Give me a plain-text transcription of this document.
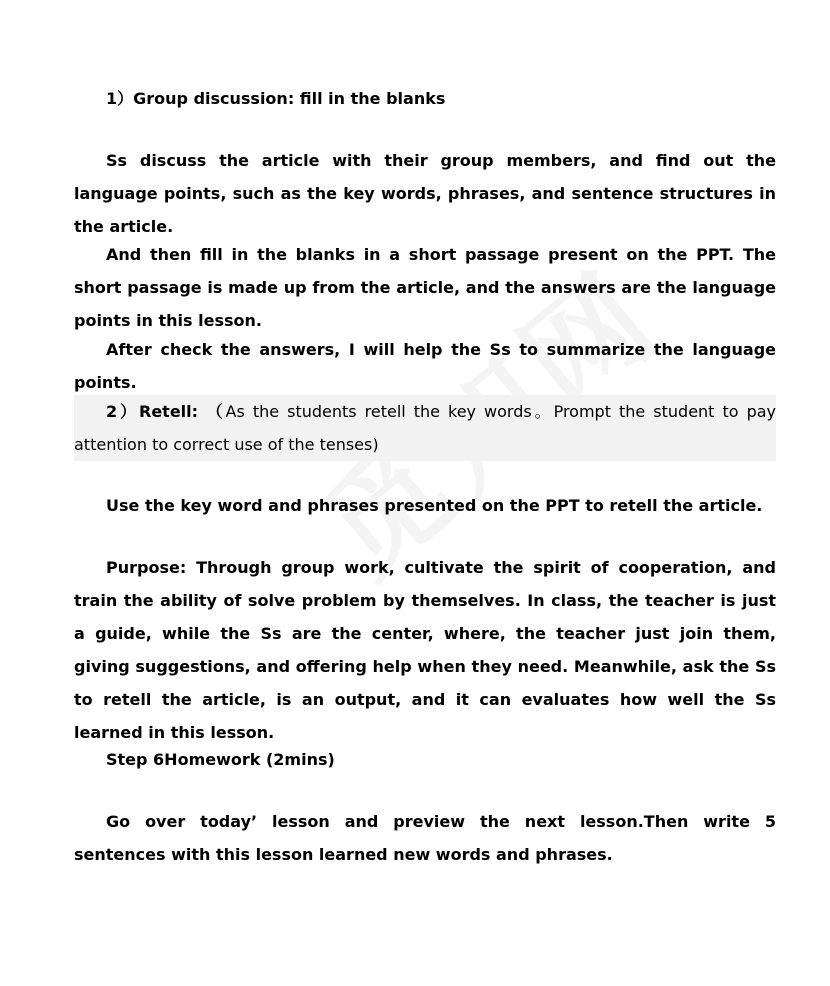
1）Group discussion: fill in the blanks

Ss discuss the article with their group members, and find out the language points, such as the key words, phrases, and sentence structures in the article.

And then fill in the blanks in a short passage present on the PPT. The short passage is made up from the article, and the answers are the language points in this lesson.

After check the answers, I will help the Ss to summarize the language points.

2）Retell: （As the students retell the key words。Prompt the student to pay attention to correct use of the tenses)

Use the key word and phrases presented on the PPT to retell the article.

Purpose: Through group work, cultivate the spirit of cooperation, and train the ability of solve problem by themselves. In class, the teacher is just a guide, while the Ss are the center, where, the teacher just join them, giving suggestions, and offering help when they need. Meanwhile, ask the Ss to retell the article, is an output, and it can evaluates how well the Ss learned in this lesson.

Step 6Homework (2mins)

Go over today’ lesson and preview the next lesson.Then write 5 sentences with this lesson learned new words and phrases.
